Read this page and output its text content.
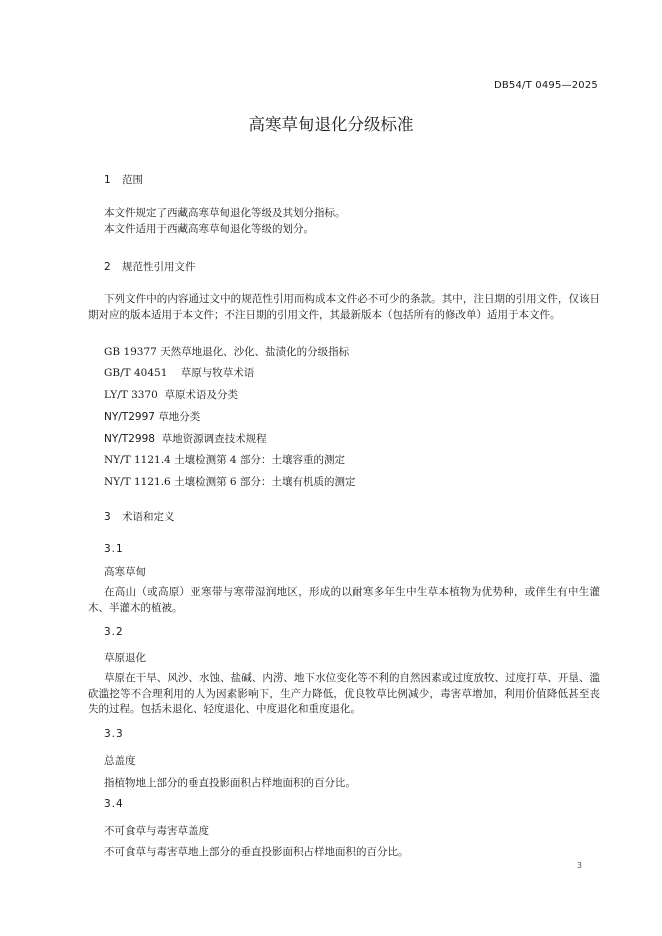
DB54/T 0495—2025
高寒草甸退化分级标准
1 范围
本文件规定了西藏高寒草甸退化等级及其划分指标。
本文件适用于西藏高寒草甸退化等级的划分。
2 规范性引用文件
下列文件中的内容通过文中的规范性引用而构成本文件必不可少的条款。其中，注日期的引用文件，仅该日期对应的版本适用于本文件；不注日期的引用文件，其最新版本（包括所有的修改单）适用于本文件。
GB 19377 天然草地退化、沙化、盐渍化的分级指标
GB/T 40451 草原与牧草术语
LY/T 3370 草原术语及分类
NY/T2997 草地分类
NY/T2998 草地资源调查技术规程
NY/T 1121.4 土壤检测第 4 部分：土壤容重的测定
NY/T 1121.6 土壤检测第 6 部分：土壤有机质的测定
3 术语和定义
3.1
高寒草甸
在高山（或高原）亚寒带与寒带湿润地区，形成的以耐寒多年生中生草本植物为优势种，或伴生有中生灌木、半灌木的植被。
3.2
草原退化
草原在干旱、风沙、水蚀、盐碱、内涝、地下水位变化等不利的自然因素或过度放牧、过度打草、开垦、滥砍滥挖等不合理利用的人为因素影响下，生产力降低，优良牧草比例减少，毒害草增加，利用价值降低甚至丧失的过程。包括未退化、轻度退化、中度退化和重度退化。
3.3
总盖度
指植物地上部分的垂直投影面积占样地面积的百分比。
3.4
不可食草与毒害草盖度
不可食草与毒害草地上部分的垂直投影面积占样地面积的百分比。
3
